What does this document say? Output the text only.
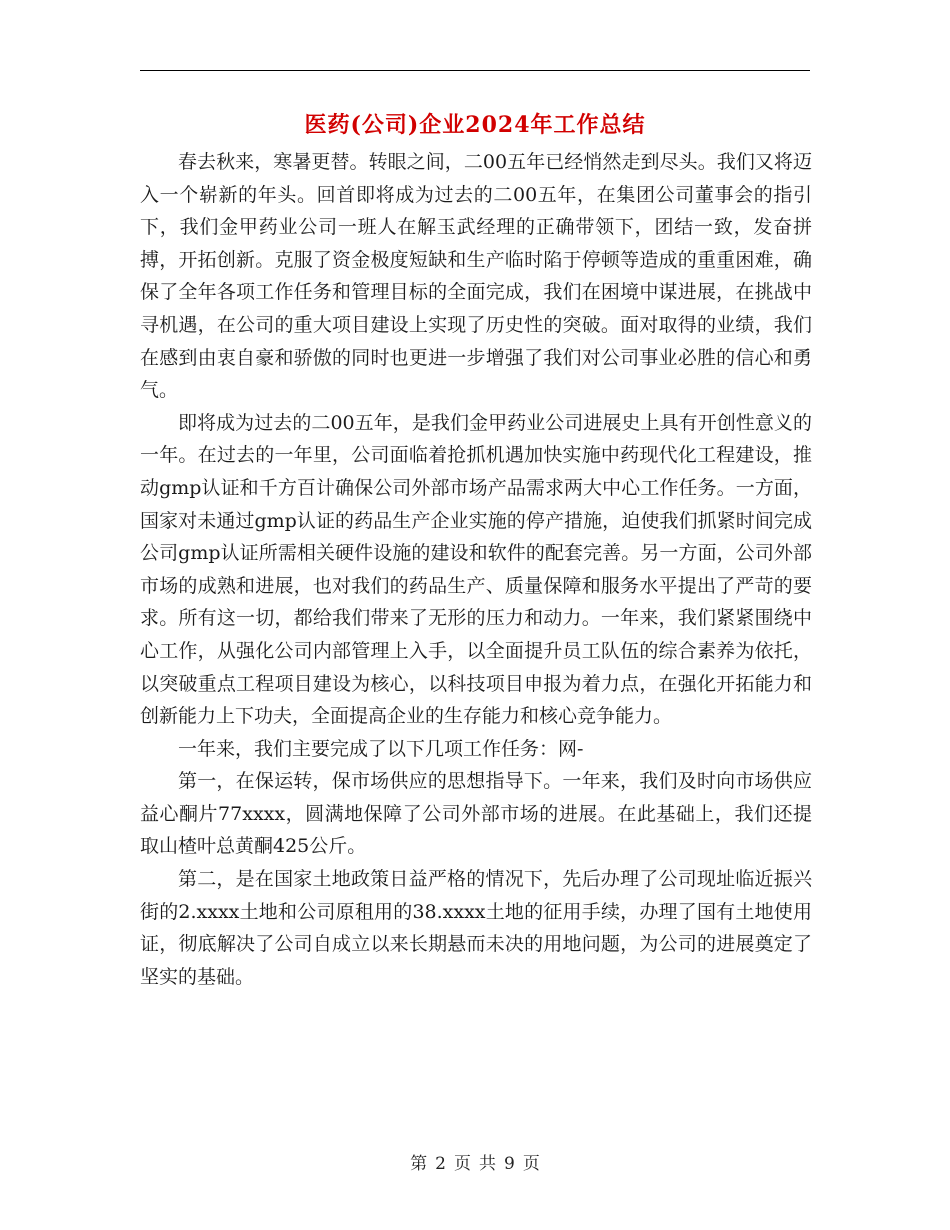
医药(公司)企业2024年工作总结

春去秋来，寒暑更替。转眼之间，二00五年已经悄然走到尽头。我们又将迈入一个崭新的年头。回首即将成为过去的二00五年，在集团公司董事会的指引下，我们金甲药业公司一班人在解玉武经理的正确带领下，团结一致，发奋拼搏，开拓创新。克服了资金极度短缺和生产临时陷于停顿等造成的重重困难，确保了全年各项工作任务和管理目标的全面完成，我们在困境中谋进展，在挑战中寻机遇，在公司的重大项目建设上实现了历史性的突破。面对取得的业绩，我们在感到由衷自豪和骄傲的同时也更进一步增强了我们对公司事业必胜的信心和勇气。

即将成为过去的二00五年，是我们金甲药业公司进展史上具有开创性意义的一年。在过去的一年里，公司面临着抢抓机遇加快实施中药现代化工程建设，推动gmp认证和千方百计确保公司外部市场产品需求两大中心工作任务。一方面，国家对未通过gmp认证的药品生产企业实施的停产措施，迫使我们抓紧时间完成公司gmp认证所需相关硬件设施的建设和软件的配套完善。另一方面，公司外部市场的成熟和进展，也对我们的药品生产、质量保障和服务水平提出了严苛的要求。所有这一切，都给我们带来了无形的压力和动力。一年来，我们紧紧围绕中心工作，从强化公司内部管理上入手，以全面提升员工队伍的综合素养为依托，以突破重点工程项目建设为核心，以科技项目申报为着力点，在强化开拓能力和创新能力上下功夫，全面提高企业的生存能力和核心竞争能力。

一年来，我们主要完成了以下几项工作任务：网-

第一，在保运转，保市场供应的思想指导下。一年来，我们及时向市场供应益心酮片77xxxx，圆满地保障了公司外部市场的进展。在此基础上，我们还提取山楂叶总黄酮425公斤。

第二，是在国家土地政策日益严格的情况下，先后办理了公司现址临近振兴街的2.xxxx土地和公司原租用的38.xxxx土地的征用手续，办理了国有土地使用证，彻底解决了公司自成立以来长期悬而未决的用地问题，为公司的进展奠定了坚实的基础。

第 2 页 共 9 页
